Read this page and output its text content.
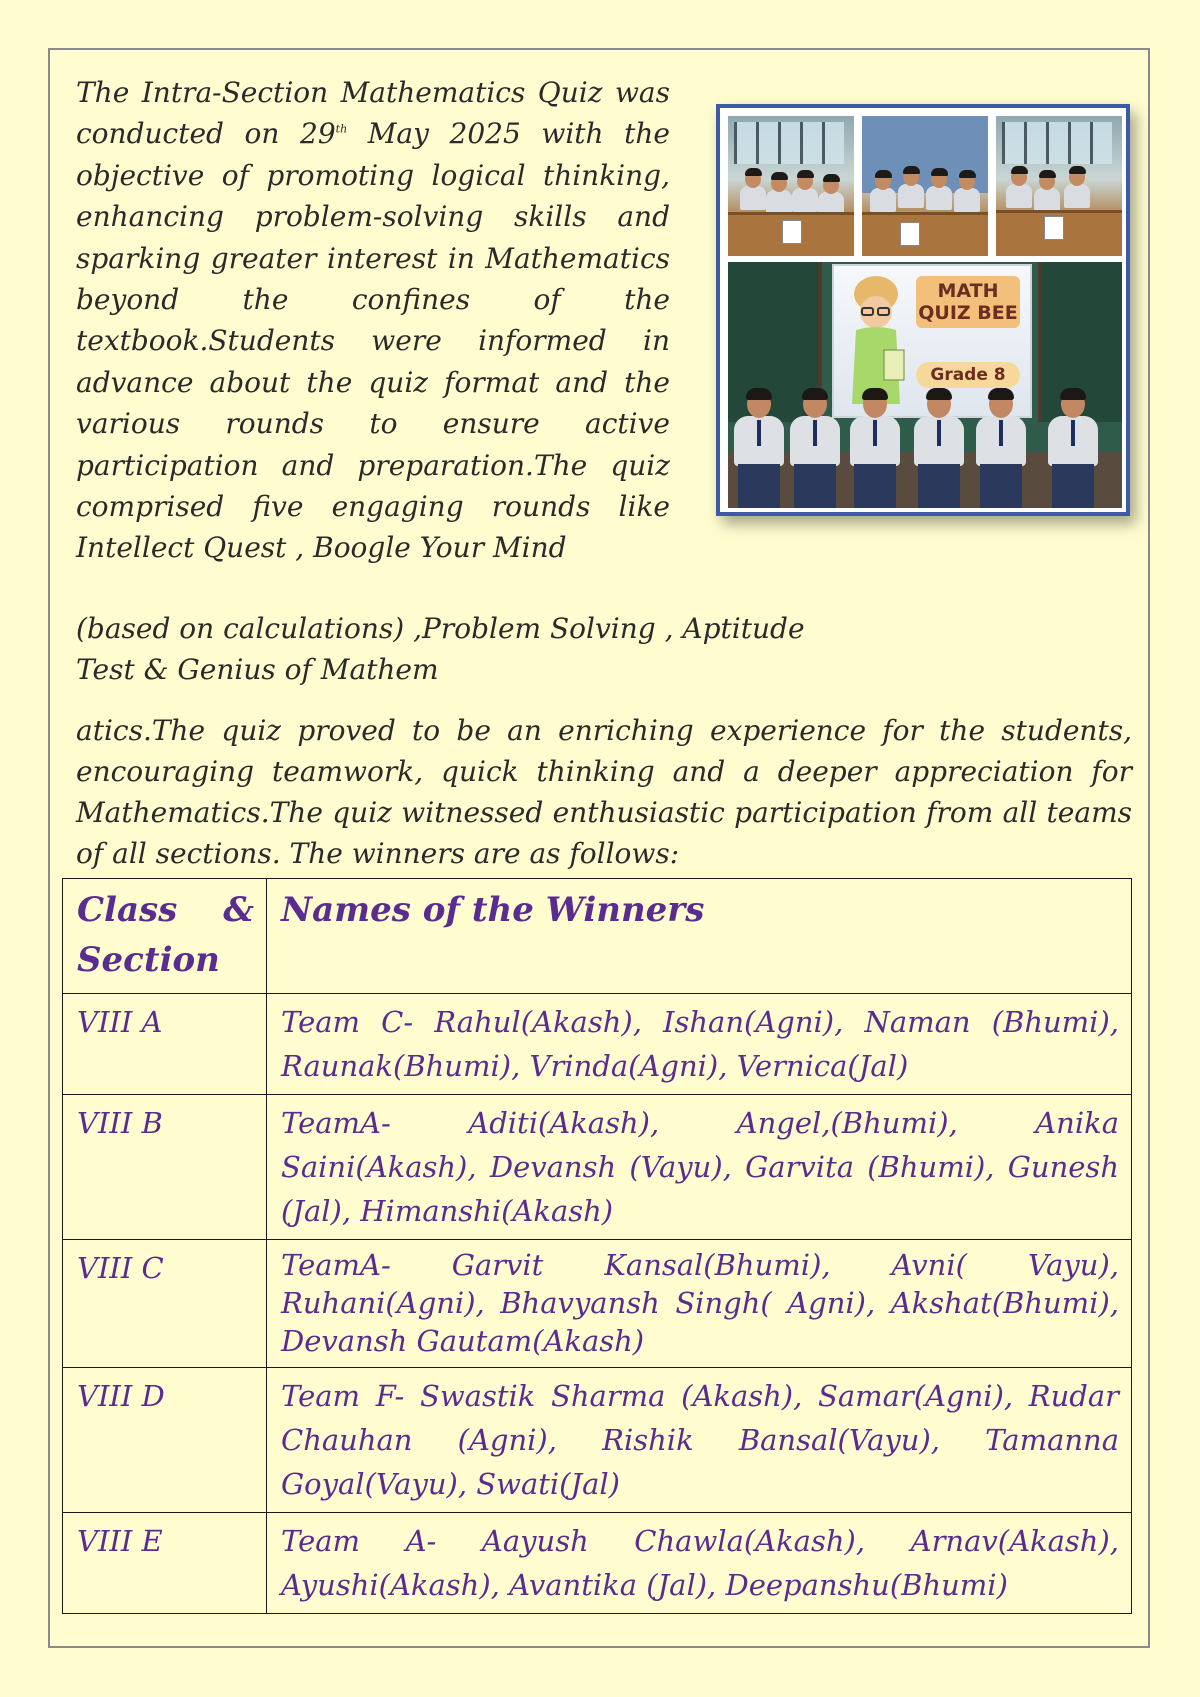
The Intra-Section Mathematics Quiz was conducted on 29th May 2025 with the objective of promoting logical thinking, enhancing problem-solving skills and sparking greater interest in Mathematics beyond the confines of the textbook.Students were informed in advance about the quiz format and the various rounds to ensure active participation and preparation.The quiz comprised five engaging rounds like Intellect Quest , Boogle Your Mind

(based on calculations) ,Problem Solving , Aptitude
Test & Genius of Mathem

atics.The quiz proved to be an enriching experience for the students, encouraging teamwork, quick thinking and a deeper appreciation for Mathematics.The quiz witnessed enthusiastic participation from all teams of all sections. The winners are as follows:

MATH
QUIZ BEE
Grade 8
Class &
Section	Names of the Winners
VIII A	Team C- Rahul(Akash), Ishan(Agni), Naman (Bhumi), Raunak(Bhumi), Vrinda(Agni), Vernica(Jal)
VIII B	TeamA- Aditi(Akash), Angel,(Bhumi), Anika Saini(Akash), Devansh (Vayu), Garvita (Bhumi), Gunesh (Jal), Himanshi(Akash)
VIII C	TeamA- Garvit Kansal(Bhumi), Avni( Vayu), Ruhani(Agni), Bhavyansh Singh( Agni), Akshat(Bhumi), Devansh Gautam(Akash)
VIII D	Team F- Swastik Sharma (Akash), Samar(Agni), Rudar Chauhan (Agni), Rishik Bansal(Vayu), Tamanna Goyal(Vayu), Swati(Jal)
VIII E	Team A- Aayush Chawla(Akash), Arnav(Akash), Ayushi(Akash), Avantika (Jal), Deepanshu(Bhumi)
